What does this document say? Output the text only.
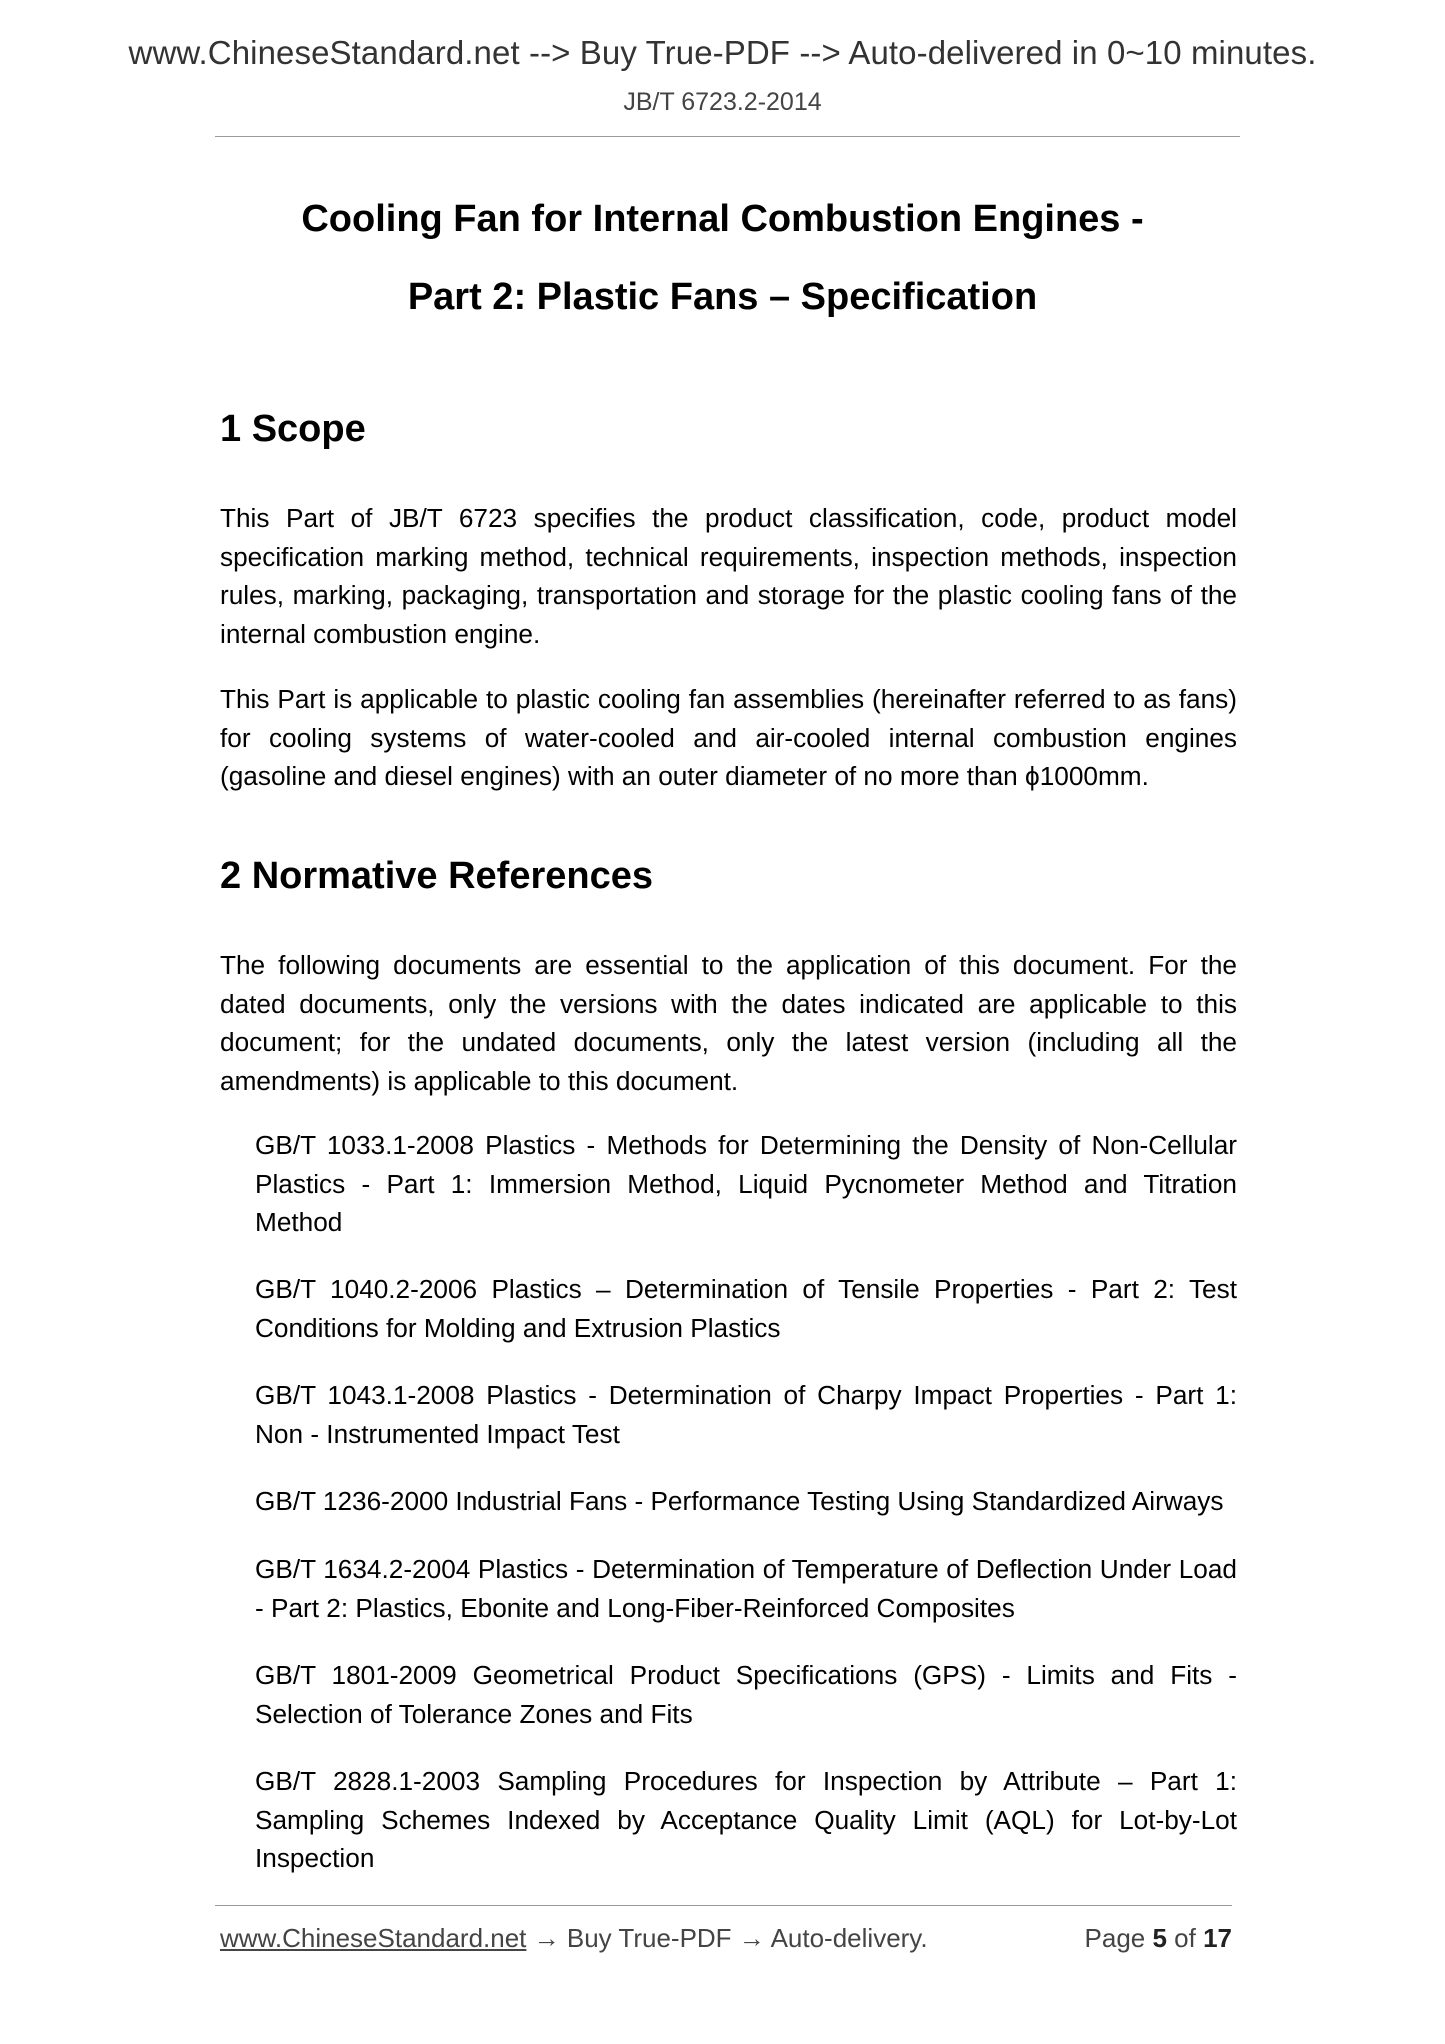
www.ChineseStandard.net --> Buy True-PDF --> Auto-delivered in 0~10 minutes.
JB/T 6723.2-2014
Cooling Fan for Internal Combustion Engines -
Part 2: Plastic Fans – Specification
1 Scope
This Part of JB/T 6723 specifies the product classification, code, product model specification marking method, technical requirements, inspection methods, inspection rules, marking, packaging, transportation and storage for the plastic cooling fans of the internal combustion engine.
This Part is applicable to plastic cooling fan assemblies (hereinafter referred to as fans) for cooling systems of water-cooled and air-cooled internal combustion engines (gasoline and diesel engines) with an outer diameter of no more than ϕ1000mm.
2 Normative References
The following documents are essential to the application of this document. For the dated documents, only the versions with the dates indicated are applicable to this document; for the undated documents, only the latest version (including all the amendments) is applicable to this document.
GB/T 1033.1-2008 Plastics - Methods for Determining the Density of Non-Cellular Plastics - Part 1: Immersion Method, Liquid Pycnometer Method and Titration Method
GB/T 1040.2-2006 Plastics – Determination of Tensile Properties - Part 2: Test Conditions for Molding and Extrusion Plastics
GB/T 1043.1-2008 Plastics - Determination of Charpy Impact Properties - Part 1: Non - Instrumented Impact Test
GB/T 1236-2000 Industrial Fans - Performance Testing Using Standardized Airways
GB/T 1634.2-2004 Plastics - Determination of Temperature of Deflection Under Load - Part 2: Plastics, Ebonite and Long-Fiber-Reinforced Composites
GB/T 1801-2009 Geometrical Product Specifications (GPS) - Limits and Fits - Selection of Tolerance Zones and Fits
GB/T 2828.1-2003 Sampling Procedures for Inspection by Attribute – Part 1: Sampling Schemes Indexed by Acceptance Quality Limit (AQL) for Lot-by-Lot Inspection
www.ChineseStandard.net → Buy True-PDF → Auto-delivery.	Page 5 of 17
